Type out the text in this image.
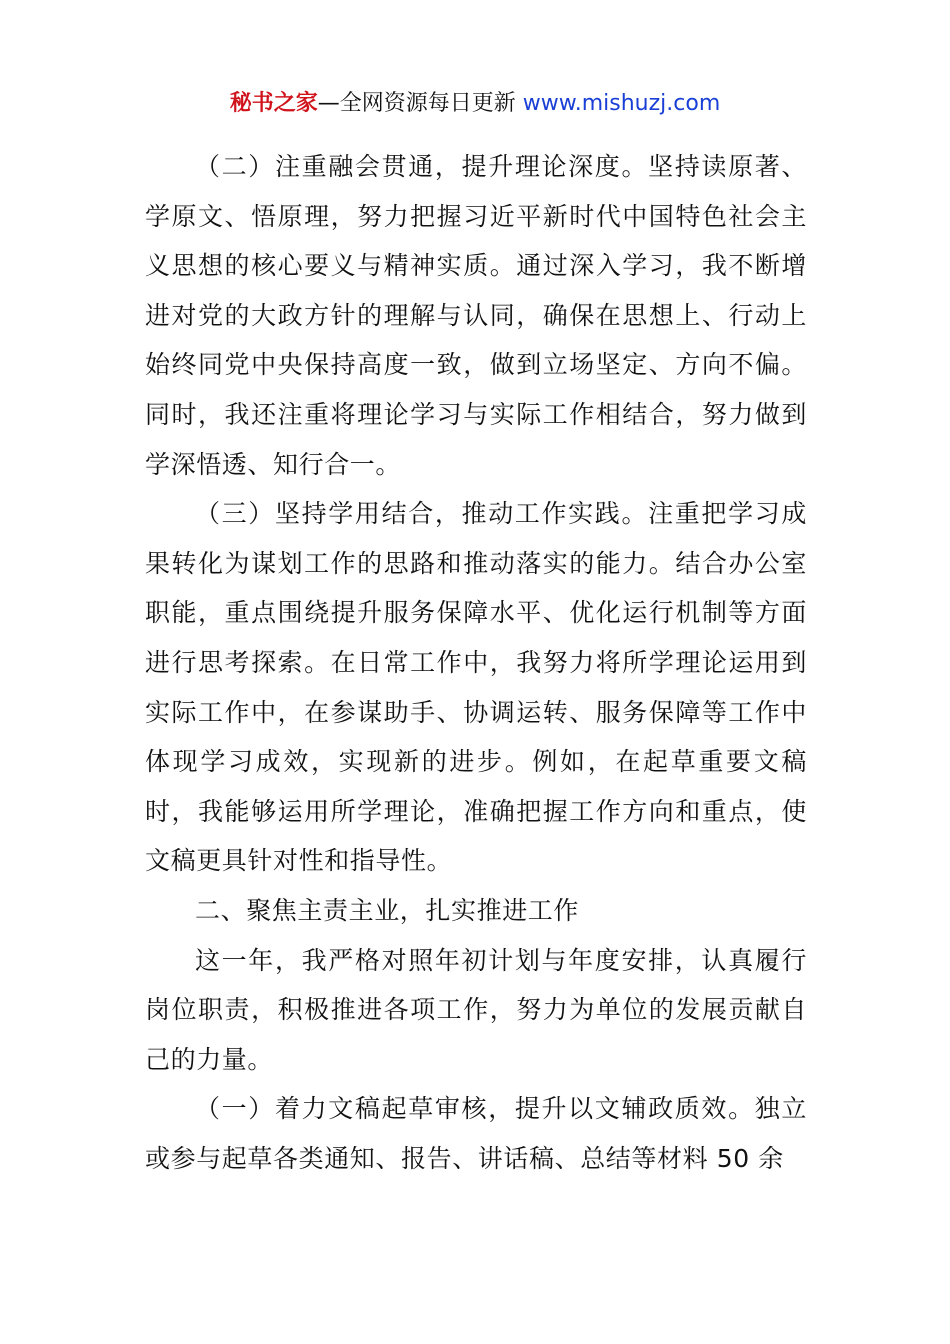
秘书之家—全网资源每日更新 www.mishuzj.com

（二）注重融会贯通，提升理论深度。坚持读原著、学原文、悟原理，努力把握习近平新时代中国特色社会主义思想的核心要义与精神实质。通过深入学习，我不断增进对党的大政方针的理解与认同，确保在思想上、行动上始终同党中央保持高度一致，做到立场坚定、方向不偏。同时，我还注重将理论学习与实际工作相结合，努力做到学深悟透、知行合一。

（三）坚持学用结合，推动工作实践。注重把学习成果转化为谋划工作的思路和推动落实的能力。结合办公室职能，重点围绕提升服务保障水平、优化运行机制等方面进行思考探索。在日常工作中，我努力将所学理论运用到实际工作中，在参谋助手、协调运转、服务保障等工作中体现学习成效，实现新的进步。例如，在起草重要文稿时，我能够运用所学理论，准确把握工作方向和重点，使文稿更具针对性和指导性。

二、聚焦主责主业，扎实推进工作

这一年，我严格对照年初计划与年度安排，认真履行岗位职责，积极推进各项工作，努力为单位的发展贡献自己的力量。

（一）着力文稿起草审核，提升以文辅政质效。独立或参与起草各类通知、报告、讲话稿、总结等材料 50 余
